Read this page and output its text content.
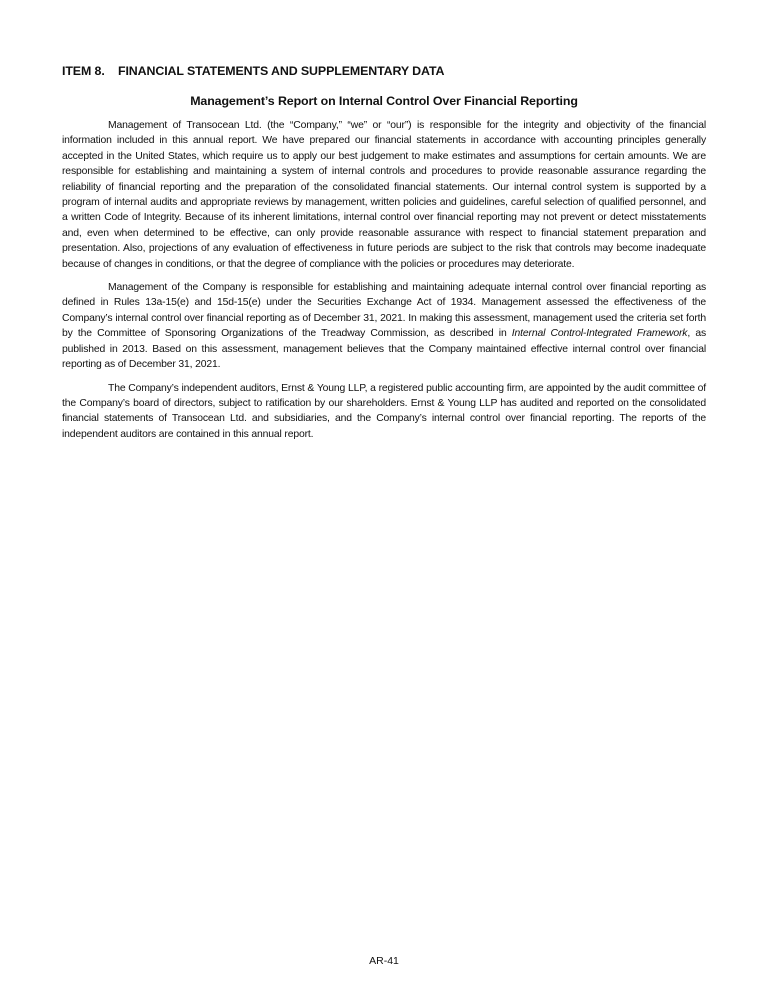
ITEM 8. FINANCIAL STATEMENTS AND SUPPLEMENTARY DATA
Management’s Report on Internal Control Over Financial Reporting

Management of Transocean Ltd. (the “Company,” “we” or “our”) is responsible for the integrity and objectivity of the financial information included in this annual report. We have prepared our financial statements in accordance with accounting principles generally accepted in the United States, which require us to apply our best judgement to make estimates and assumptions for certain amounts. We are responsible for establishing and maintaining a system of internal controls and procedures to provide reasonable assurance regarding the reliability of financial reporting and the preparation of the consolidated financial statements. Our internal control system is supported by a program of internal audits and appropriate reviews by management, written policies and guidelines, careful selection of qualified personnel, and a written Code of Integrity. Because of its inherent limitations, internal control over financial reporting may not prevent or detect misstatements and, even when determined to be effective, can only provide reasonable assurance with respect to financial statement preparation and presentation. Also, projections of any evaluation of effectiveness in future periods are subject to the risk that controls may become inadequate because of changes in conditions, or that the degree of compliance with the policies or procedures may deteriorate.

Management of the Company is responsible for establishing and maintaining adequate internal control over financial reporting as defined in Rules 13a-15(e) and 15d-15(e) under the Securities Exchange Act of 1934. Management assessed the effectiveness of the Company’s internal control over financial reporting as of December 31, 2021. In making this assessment, management used the criteria set forth by the Committee of Sponsoring Organizations of the Treadway Commission, as described in Internal Control-Integrated Framework, as published in 2013. Based on this assessment, management believes that the Company maintained effective internal control over financial reporting as of December 31, 2021.

The Company’s independent auditors, Ernst & Young LLP, a registered public accounting firm, are appointed by the audit committee of the Company’s board of directors, subject to ratification by our shareholders. Ernst & Young LLP has audited and reported on the consolidated financial statements of Transocean Ltd. and subsidiaries, and the Company’s internal control over financial reporting. The reports of the independent auditors are contained in this annual report.

AR-41
